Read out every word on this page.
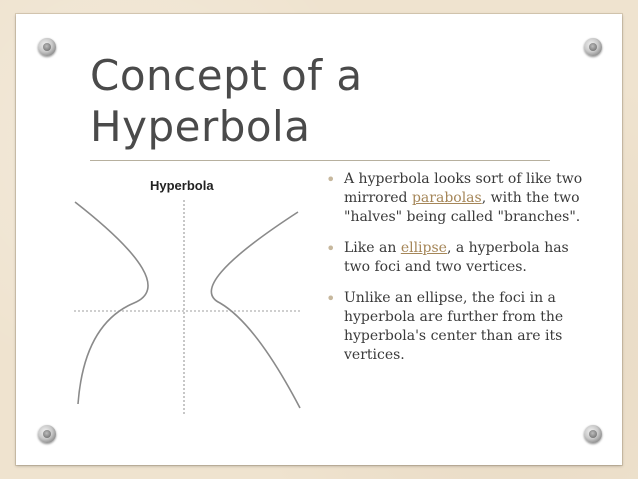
Concept of a
Hyperbola
Hyperbola	• A hyperbola looks sort of like two mirrored parabolas, with the two "halves" being called "branches".
• Like an ellipse, a hyperbola has two foci and two vertices.
• Unlike an ellipse, the foci in a hyperbola are further from the hyperbola's center than are its vertices.
